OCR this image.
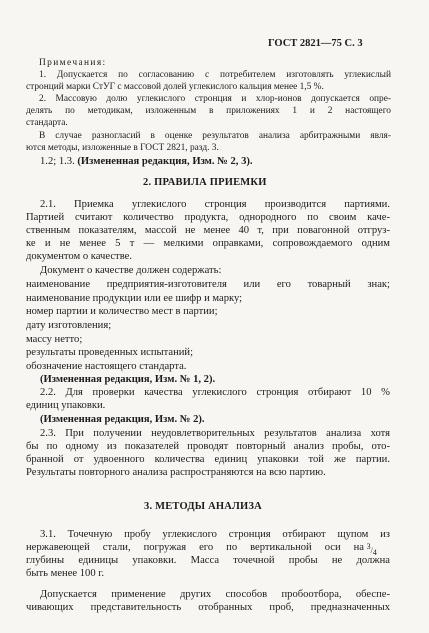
ГОСТ 2821—75 С. 3
Примечания:
1. Допускается по согласованию с потребителем изготовлять углекислый
стронций марки СтУГ с массовой долей углекислого кальция менее 1,5 %.
2. Массовую долю углекислого стронция и хлор-ионов допускается опре-
делять по методикам, изложенным в приложениях 1 и 2 настоящего
стандарта.
В случае разногласий в оценке результатов анализа арбитражными явля-
ются методы, изложенные в ГОСТ 2821, разд. 3.
1.2; 1.3. (Измененная редакция, Изм. № 2, 3).
2. ПРАВИЛА ПРИЕМКИ
2.1. Приемка углекислого стронция производится партиями.
Партией считают количество продукта, однородного по своим каче-
ственным показателям, массой не менее 40 т, при повагонной отгруз-
ке и не менее 5 т — мелкими оправками, сопровождаемого одним
документом о качестве.
Документ о качестве должен содержать:
наименование предприятия-изготовителя или его товарный знак;
наименование продукции или ее шифр и марку;
номер партии и количество мест в партии;
дату изготовления;
массу нетто;
результаты проведенных испытаний;
обозначение настоящего стандарта.
(Измененная редакция, Изм. № 1, 2).
2.2. Для проверки качества углекислого стронция отбирают 10 %
единиц упаковки.
(Измененная редакция, Изм. № 2).
2.3. При получении неудовлетворительных результатов анализа хотя
бы по одному из показателей проводят повторный анализ пробы, ото-
бранной от удвоенного количества единиц упаковки той же партии.
Результаты повторного анализа распространяются на всю партию.
3. МЕТОДЫ АНАЛИЗА
3.1. Точечную пробу углекислого стронция отбирают щупом из
нержавеющей стали, погружая его по вертикальной оси на $^3/_4$
глубины единицы упаковки. Масса точечной пробы не должна
быть менее 100 г.
Допускается применение других способов пробоотбора, обеспе-
чивающих представительность отобранных проб, предназначенных
